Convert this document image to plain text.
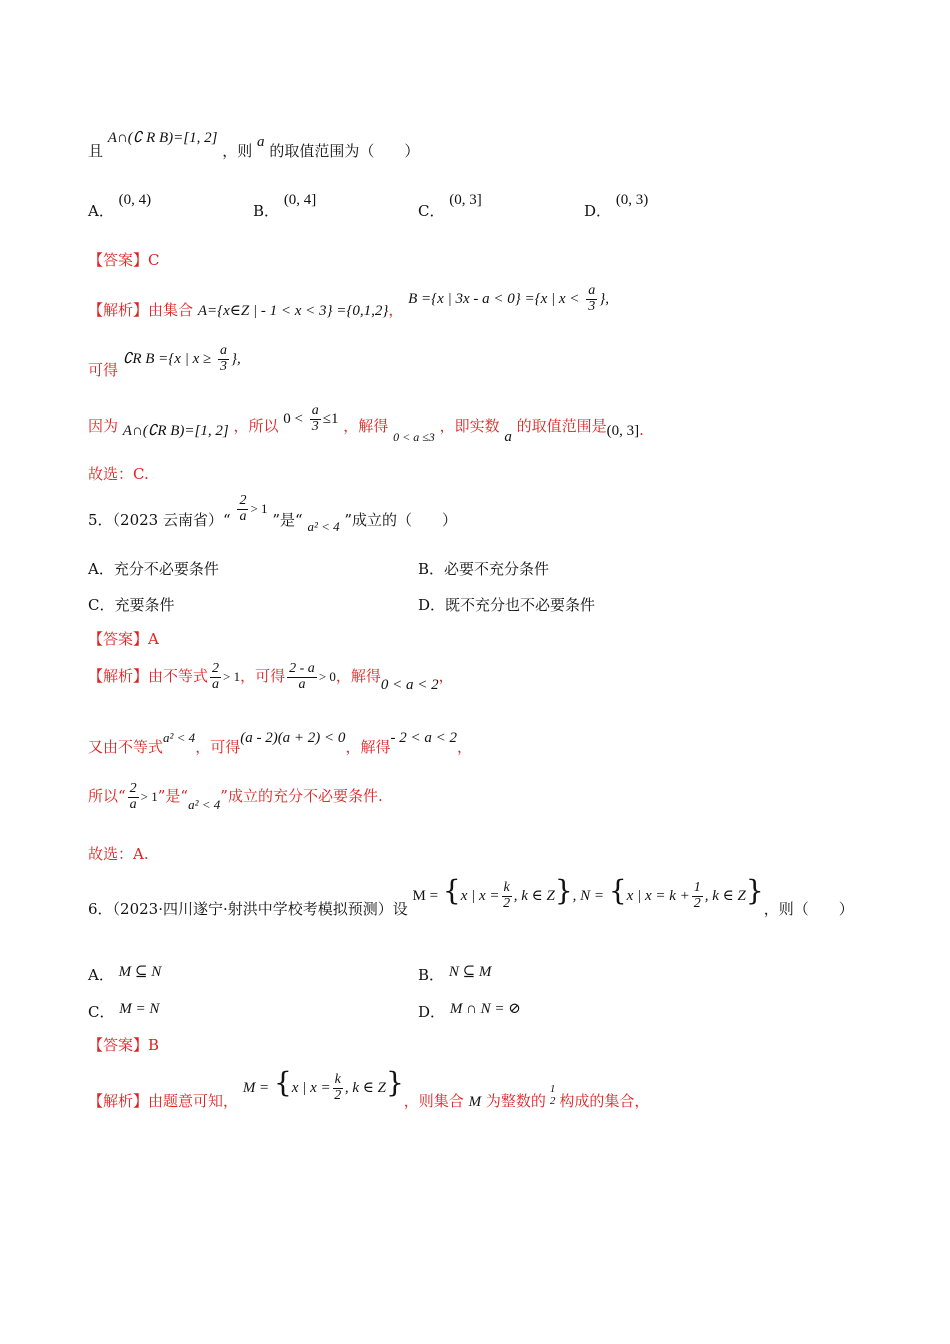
且 A∩(∁ R B)=[1, 2] ，则 a 的取值范围为（　　）
A． (0, 4)
B． (0, 4]
C． (0, 3]
D． (0, 3)
【答案】C
【解析】由集合 A={x∈Z | - 1 < x < 3} ={0,1,2}， B ={x | 3x - a < 0} ={x | $x < \frac{a}{3}$ },
可得 ∁R B ={x | $x \ge \frac{a}{3}$ },
因为 A∩(∁R B)=[1, 2] ，所以 $0 < \frac{a}{3} \le 1$ ，解得 $_{0 < a \le 3}$ ，即实数 a 的取值范围是(0, 3].
故选：C.
5．（2023 云南省）“ $\frac{2}{a} > 1$ ”是“ a² < 4 ”成立的（　　）
A．充分不必要条件	B．必要不充分条件
C．充要条件	D．既不充分也不必要条件
【答案】A
【解析】由不等式 $\frac{2}{a} > 1$，可得 $\frac{2 - a}{a} > 0$，解得0 < a < 2，
又由不等式a² < 4，可得(a - 2)(a + 2) < 0，解得- 2 < a < 2，
所以“ $\frac{2}{a} > 1$”是“a² < 4”成立的充分不必要条件.
故选：A.
6．（2023·四川遂宁·射洪中学校考模拟预测）设 M = {x | $x = \frac{k}{2}$ , k ∈ Z}, N = {x | $x = k + \frac{1}{2}$ , k ∈ Z}，则（　　）
A． M ⊆ N	B． N ⊆ M
C． M = N	D． M ∩ N = ⊘
【答案】B
【解析】由题意可知， M = {x | $x = \frac{k}{2}$ , k ∈ Z}，则集合 M 为整数的
1
2 构成的集合，
